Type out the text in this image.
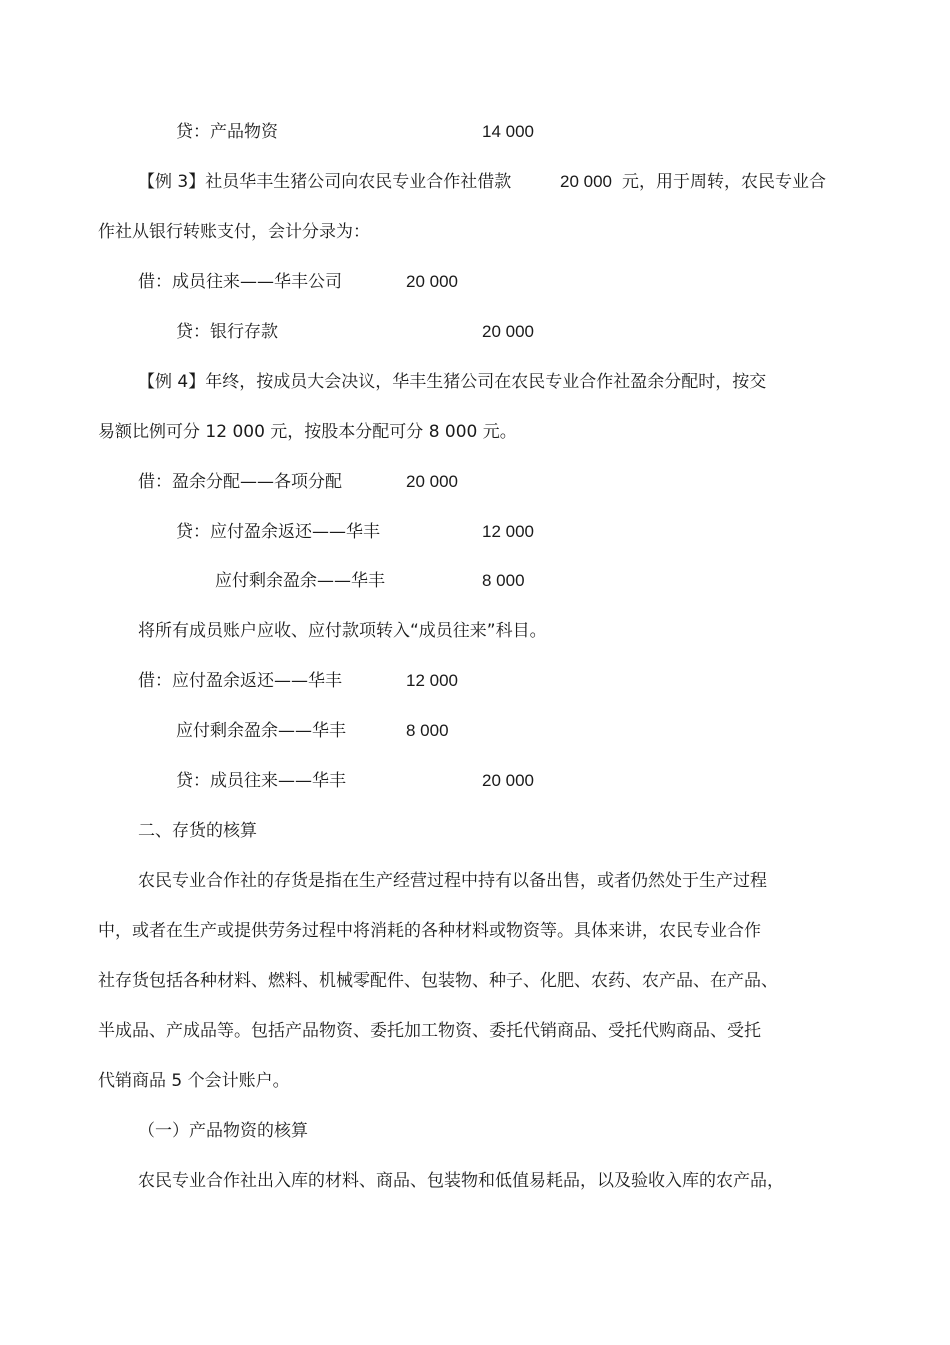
贷：产品物资	14 000
【例 3】社员华丰生猪公司向农民专业合作社借款	20 000 元，用于周转，农民专业合
作社从银行转账支付，会计分录为：
借：成员往来——华丰公司	20 000
贷：银行存款	20 000
【例 4】年终，按成员大会决议，华丰生猪公司在农民专业合作社盈余分配时，按交
易额比例可分 12 000 元，按股本分配可分 8 000 元。
借：盈余分配——各项分配	20 000
贷：应付盈余返还——华丰	12 000
应付剩余盈余——华丰	8 000
将所有成员账户应收、应付款项转入“成员往来”科目。
借：应付盈余返还——华丰	12 000
应付剩余盈余——华丰	8 000
贷：成员往来——华丰	20 000
二、存货的核算
农民专业合作社的存货是指在生产经营过程中持有以备出售，或者仍然处于生产过程
中，或者在生产或提供劳务过程中将消耗的各种材料或物资等。具体来讲，农民专业合作
社存货包括各种材料、燃料、机械零配件、包装物、种子、化肥、农药、农产品、在产品、
半成品、产成品等。包括产品物资、委托加工物资、委托代销商品、受托代购商品、受托
代销商品 5 个会计账户。
（一）产品物资的核算
农民专业合作社出入库的材料、商品、包装物和低值易耗品，以及验收入库的农产品，
